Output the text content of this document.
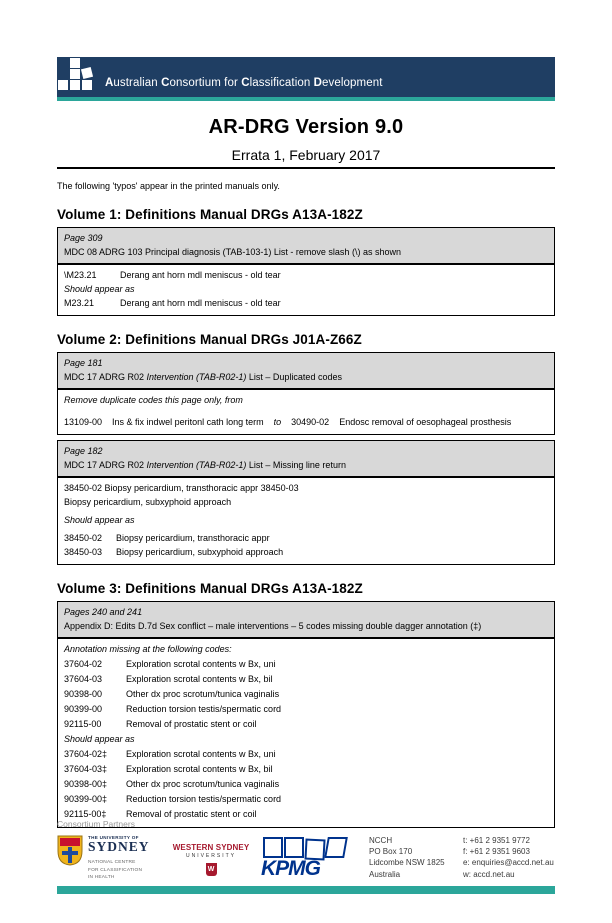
Australian Consortium for Classification Development
AR-DRG Version 9.0
Errata 1, February 2017
The following 'typos' appear in the printed manuals only.
Volume 1: Definitions Manual DRGs A13A-182Z
Page 309
MDC 08 ADRG 103 Principal diagnosis (TAB-103-1) List - remove slash (\) as shown
\M23.21	Derang ant horn mdl meniscus - old tear
Should appear as
M23.21	Derang ant horn mdl meniscus - old tear
Volume 2: Definitions Manual DRGs J01A-Z66Z
Page 181
MDC 17 ADRG R02 Intervention (TAB-R02-1) List – Duplicated codes
Remove duplicate codes this page only, from
13109-00 Ins & fix indwel peritonl cath long term to 30490-02 Endosc removal of oesophageal prosthesis
Page 182
MDC 17 ADRG R02 Intervention (TAB-R02-1) List – Missing line return
38450-02 Biopsy pericardium, transthoracic appr 38450-03
Biopsy pericardium, subxyphoid approach
Should appear as
38450-02	Biopsy pericardium, transthoracic appr
38450-03	Biopsy pericardium, subxyphoid approach
Volume 3: Definitions Manual DRGs A13A-182Z
Pages 240 and 241
Appendix D: Edits D.7d Sex conflict – male interventions – 5 codes missing double dagger annotation (‡)
Annotation missing at the following codes:
37604-02	Exploration scrotal contents w Bx, uni
37604-03	Exploration scrotal contents w Bx, bil
90398-00	Other dx proc scrotum/tunica vaginalis
90399-00	Reduction torsion testis/spermatic cord
92115-00	Removal of prostatic stent or coil
Should appear as
37604-02‡	Exploration scrotal contents w Bx, uni
37604-03‡	Exploration scrotal contents w Bx, bil
90398-00‡	Other dx proc scrotum/tunica vaginalis
90399-00‡	Reduction torsion testis/spermatic cord
92115-00‡	Removal of prostatic stent or coil
Consortium Partners
THE UNIVERSITY OF
SYDNEY
NATIONAL CENTRE
FOR CLASSIFICATION
IN HEALTH
WESTERN SYDNEY
UNIVERSITY
W KPMG
NCCH
PO Box 170
Lidcombe NSW 1825
Australia
t: +61 2 9351 9772
f: +61 2 9351 9603
e: enquiries@accd.net.au
w: accd.net.au
